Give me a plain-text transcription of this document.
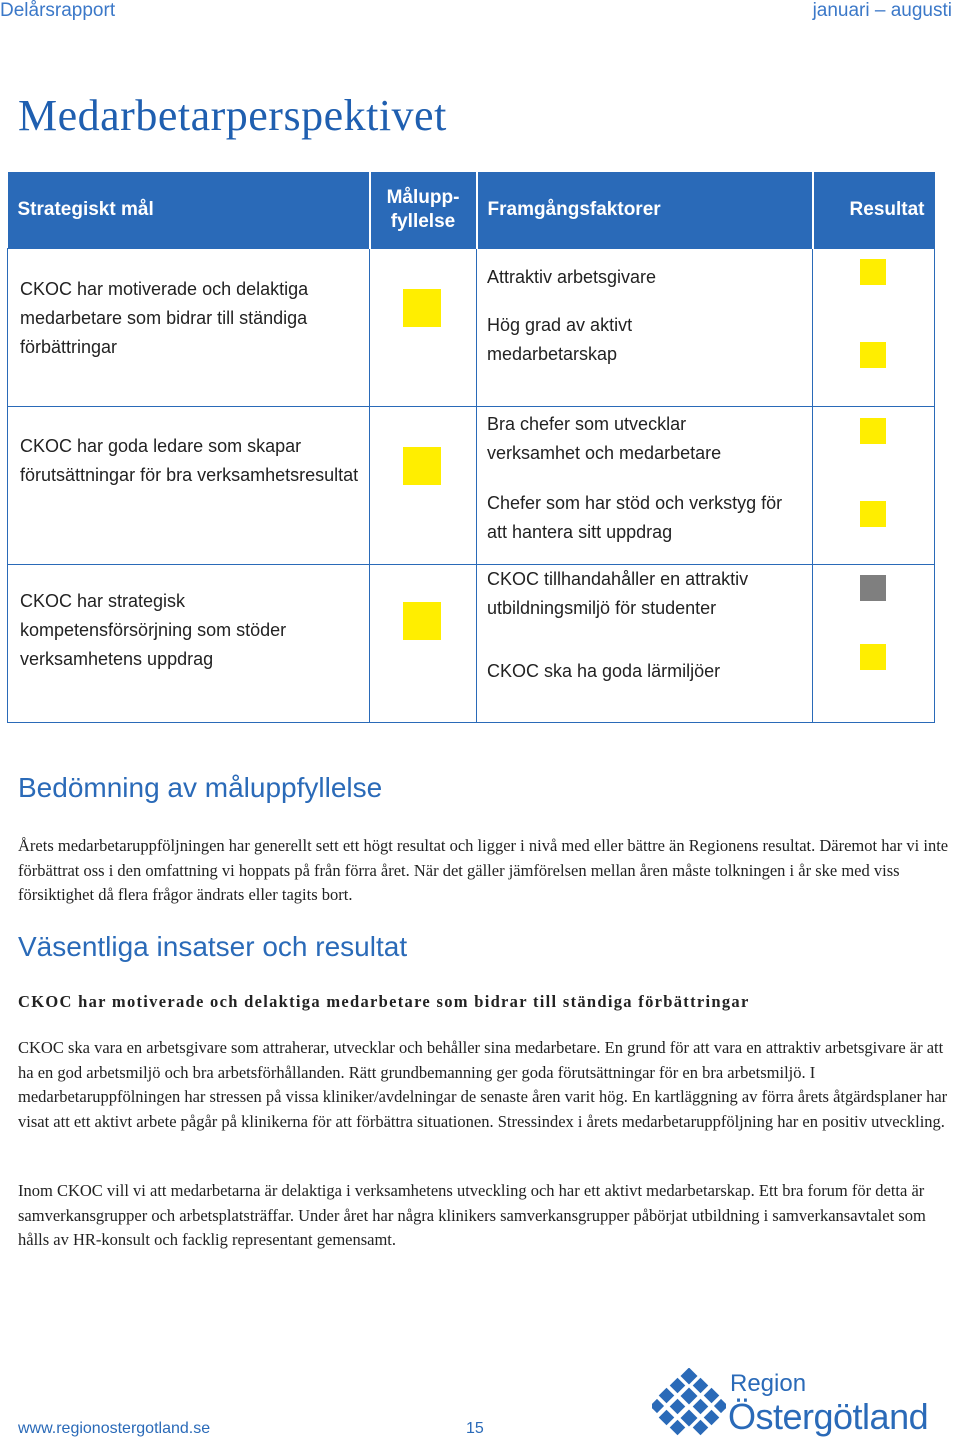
Delårsrapport	januari – augusti
Medarbetarperspektivet
Strategiskt mål	Målupp-
fyllelse	Framgångsfaktorer	Resultat

CKOC har motiverade och delaktiga medarbetare som bidrar till ständiga förbättringar		Attraktiv arbetsgivare
Hög grad av aktivt medarbetarskap	

CKOC har goda ledare som skapar förutsättningar för bra verksamhetsresultat		Bra chefer som utvecklar verksamhet och medarbetare
Chefer som har stöd och verkstyg för att hantera sitt uppdrag	

CKOC har strategisk kompetensförsörjning som stöder verksamhetens uppdrag		CKOC tillhandahåller en attraktiv utbildningsmiljö för studenter
CKOC ska ha goda lärmiljöer	

Bedömning av måluppfyllelse

Årets medarbetaruppföljningen har generellt sett ett högt resultat och ligger i nivå med eller bättre än Regionens resultat. Däremot har vi inte förbättrat oss i den omfattning vi hoppats på från förra året. När det gäller jämförelsen mellan åren måste tolkningen i år ske med viss försiktighet då flera frågor ändrats eller tagits bort.

Väsentliga insatser och resultat

CKOC har motiverade och delaktiga medarbetare som bidrar till ständiga förbättringar

CKOC ska vara en arbetsgivare som attraherar, utvecklar och behåller sina medarbetare. En grund för att vara en attraktiv arbetsgivare är att ha en god arbetsmiljö och bra arbetsförhållanden. Rätt grundbemanning ger goda förutsättningar för en bra arbetsmiljö. I medarbetaruppfölningen har stressen på vissa kliniker/avdelningar de senaste åren varit hög. En kartläggning av förra årets åtgärdsplaner har visat att ett aktivt arbete pågår på klinikerna för att förbättra situationen. Stressindex i årets medarbetaruppföljning har en positiv utveckling.

Inom CKOC vill vi att medarbetarna är delaktiga i verksamhetens utveckling och har ett aktivt medarbetarskap. Ett bra forum för detta är samverkansgrupper och arbetsplatsträffar. Under året har några klinikers samverkansgrupper påbörjat utbildning i samverkansavtalet som hålls av HR-konsult och facklig representant gemensamt.

www.regionostergotland.se	15
Region
Östergötland
